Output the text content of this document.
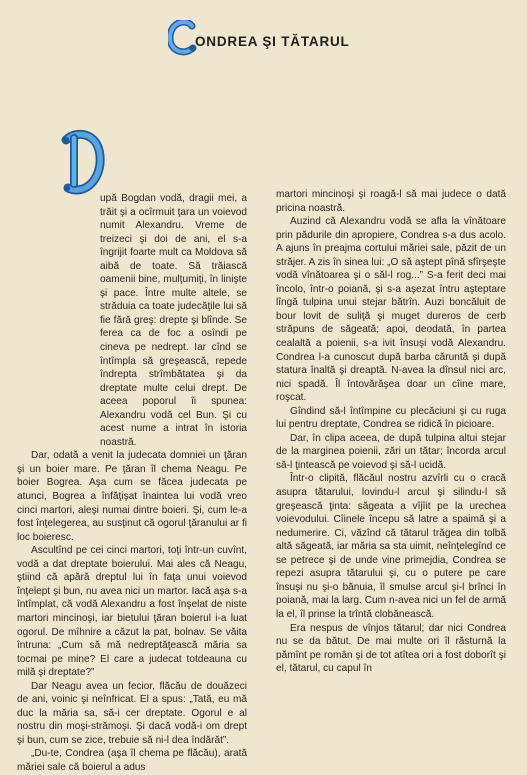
ONDREA ŞI TĂTARUL

upă Bogdan vodă, dragii mei, a trăit şi a ocîrmuit ţara un voievod numit Alexandru. Vreme de treizeci şi doi de ani, el s-a îngrijit foarte mult ca Moldova să aibă de toate. Să trăiască oamenii bine, mulţumiţi, în linişte şi pace. Între multe altele, se străduia ca toate judecăţile lui să fie fără greş: drepte şi blînde. Se ferea ca de foc a osîndi pe cineva pe nedrept. Iar cînd se întîmpla să greşească, repede îndrepta strîmbătatea şi da dreptate multe celui drept. De aceea poporul îi spunea: Alexandru vodă cel Bun. Şi cu acest nume a intrat în istoria noastră.

Dar, odată a venit la judecata domniei un ţăran şi un boier mare. Pe ţăran îl chema Neagu. Pe boier Bogrea. Aşa cum se făcea judecata pe atunci, Bogrea a înfăţişat înaintea lui vodă vreo cinci martori, aleşi numai dintre boieri. Şi, cum le-a fost înţelegerea, au susţinut că ogorul ţăranului ar fi loc boieresc.

Ascultînd pe cei cinci martori, toţi într-un cuvînt, vodă a dat dreptate boierului. Mai ales că Neagu, ştiind că apără dreptul lui în faţa unui voievod înţelept şi bun, nu avea nici un martor. Iacă aşa s-a întîmplat, că vodă Alexandru a fost înşelat de niste martori mincinoşi, iar bietului ţăran boierul i-a luat ogorul. De mîhnire a căzut la pat, bolnav. Se văita întruna: „Cum să mă nedreptăţească măria sa tocmai pe mine? El care a judecat totdeauna cu milă şi dreptate?”

Dar Neagu avea un fecior, flăcău de douăzeci de ani, voinic şi neînfricat. El a spus: „Tată, eu mă duc la măria sa, să-i cer dreptate. Ogorul e al nostru din moşi-strămoşi. Şi dacă vodă-i om drept şi bun, cum se zice, trebuie să ni-l dea îndărăt”.

„Du-te, Condrea (aşa îl chema pe flăcău), arată măriei sale că boierul a adus

martori mincinoşi şi roagă-l să mai judece o dată pricina noastră.

Auzind că Alexandru vodă se afla la vînătoare prin pădurile din apropiere, Condrea s-a dus acolo. A ajuns în preajma cortului măriei sale, păzit de un străjer. A zis în sinea lui: „O să aştept pînă sfîrşeşte vodă vînătoarea şi o săl-l rog...” S-a ferit deci mai încolo, într-o poiană, şi s-a aşezat întru aşteptare lîngă tulpina unui stejar bătrîn. Auzi boncăluit de bour lovit de suliţă şi muget dureros de cerb străpuns de săgeată; apoi, deodată, în partea cealaltă a poienii, s-a ivit însuşi vodă Alexandru. Condrea l-a cunoscut după barba căruntă şi după statura înaltă şi dreaptă. N-avea la dînsul nici arc, nici spadă. Îl întovărăşea doar un cîine mare, roşcat.

Gîndind să-l întîmpine cu plecăciuni şi cu ruga lui pentru dreptate, Condrea se ridică în picioare.

Dar, în clipa aceea, de după tulpina altui stejar de la marginea poienii, zări un tătar; încorda arcul să-l ţintească pe voievod şi să-l ucidă.

Într-o clipită, flăcăul nostru azvîrli cu o cracă asupra tătarului, lovindu-l arcul şi silindu-l să greşească ţinta: săgeata a vîjîit pe la urechea voievodului. Cîinele începu să latre a spaimă şi a nedumerire. Ci, văzînd că tătarul trăgea din tolbă altă săgeată, iar măria sa sta uimit, neînţelegînd ce se petrece şi de unde vine primejdia, Condrea se repezi asupra tătarului şi, cu o putere pe care însuşi nu şi-o bănuia, îl smulse arcul şi-l brînci în poiană, mai la larg. Cum n-avea nici un fel de armă la el, îl prinse la trîntă clobănească.

Era nespus de vînjos tătarul; dar nici Condrea nu se da bătut. De mai multe ori îl răsturnă la pămînt pe român şi de tot atîtea ori a fost doborît şi el, tătarul, cu capul în
